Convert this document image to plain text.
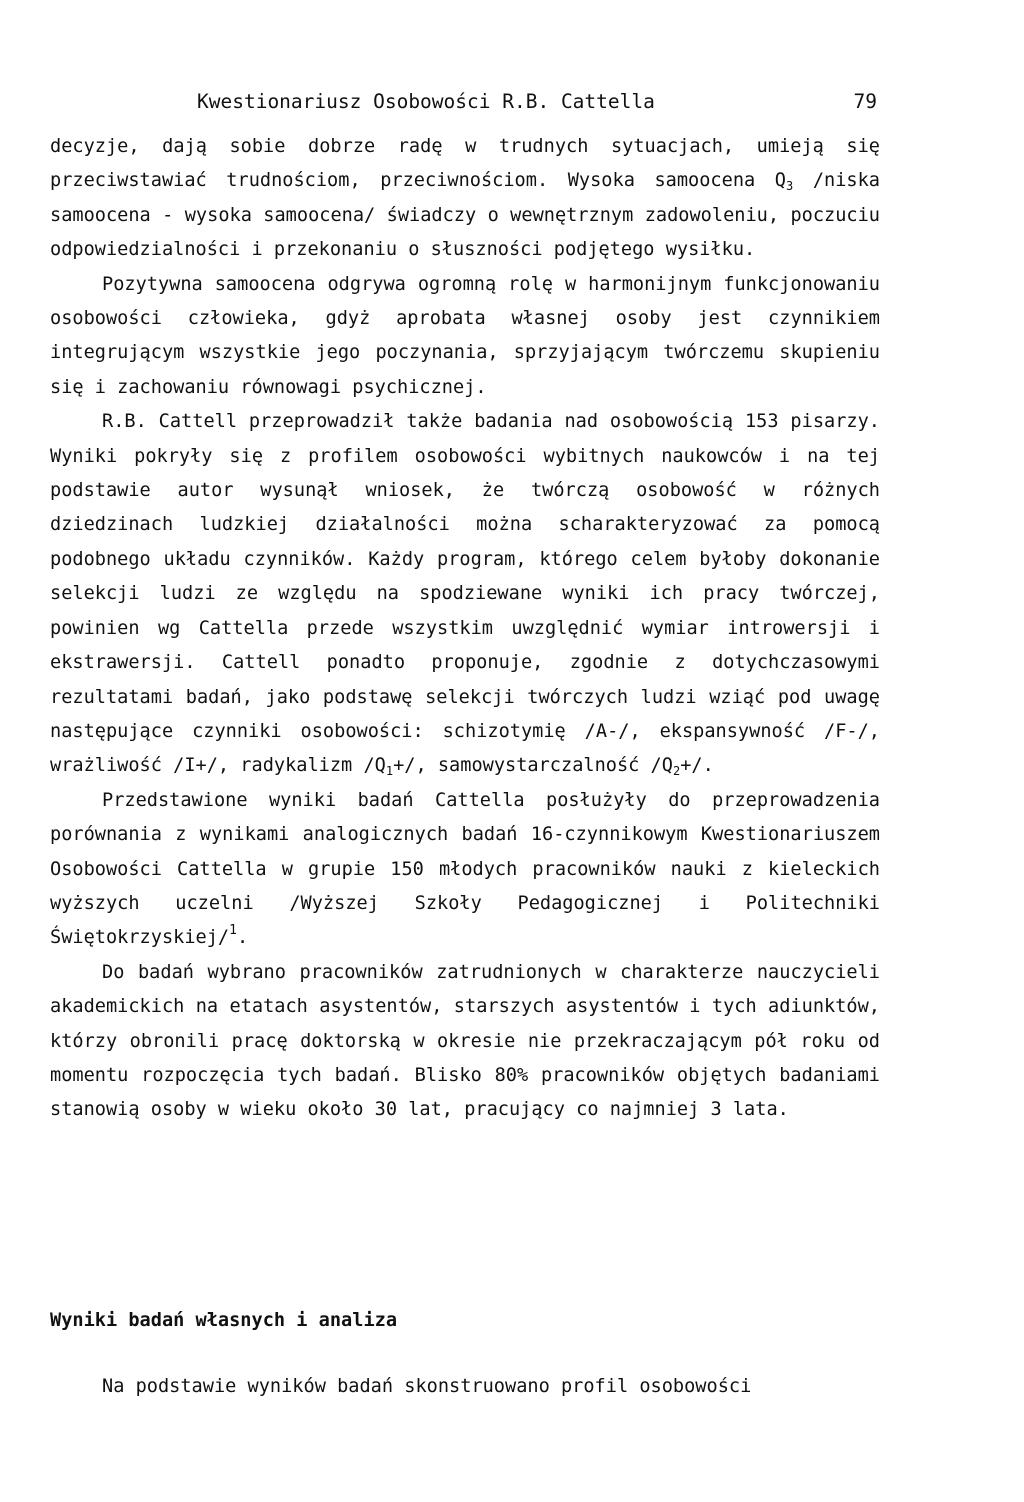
Kwestionariusz Osobowości R.B. Cattella	79

decyzje, dają sobie dobrze radę w trudnych sytuacjach, umieją się przeciwstawiać trudnościom, przeciwnościom. Wysoka samoocena $Q_3$ /niska samoocena - wysoka samoocena/ świadczy o wewnętrznym zadowoleniu, poczuciu odpowiedzialności i przekonaniu o słuszności podjętego wysiłku.

Pozytywna samoocena odgrywa ogromną rolę w harmonijnym funkcjonowaniu osobowości człowieka, gdyż aprobata własnej osoby jest czynnikiem integrującym wszystkie jego poczynania, sprzyjającym twórczemu skupieniu się i zachowaniu równowagi psychicznej.

R.B. Cattell przeprowadził także badania nad osobowością 153 pisarzy. Wyniki pokryły się z profilem osobowości wybitnych naukowców i na tej podstawie autor wysunął wniosek, że twórczą osobowość w różnych dziedzinach ludzkiej działalności można scharakteryzować za pomocą podobnego układu czynników. Każdy program, którego celem byłoby dokonanie selekcji ludzi ze względu na spodziewane wyniki ich pracy twórczej, powinien wg Cattella przede wszystkim uwzględnić wymiar introwersji i ekstrawersji. Cattell ponadto proponuje, zgodnie z dotychczasowymi rezultatami badań, jako podstawę selekcji twórczych ludzi wziąć pod uwagę następujące czynniki osobowości: schizotymię /A-/, ekspansywność /F-/, wrażliwość /I+/, radykalizm $/Q_1+/$, samowystarczalność $/Q_2+/$.

Przedstawione wyniki badań Cattella posłużyły do przeprowadzenia porównania z wynikami analogicznych badań 16-czynnikowym Kwestionariuszem Osobowości Cattella w grupie 150 młodych pracowników nauki z kieleckich wyższych uczelni /Wyższej Szkoły Pedagogicznej i Politechniki Świętokrzyskiej/$^1$.

Do badań wybrano pracowników zatrudnionych w charakterze nauczycieli akademickich na etatach asystentów, starszych asystentów i tych adiunktów, którzy obronili pracę doktorską w okresie nie przekraczającym pół roku od momentu rozpoczęcia tych badań. Blisko 80% pracowników objętych badaniami stanowią osoby w wieku około 30 lat, pracujący co najmniej 3 lata.

Wyniki badań własnych i analiza
Na podstawie wyników badań skonstruowano profil osobowości
